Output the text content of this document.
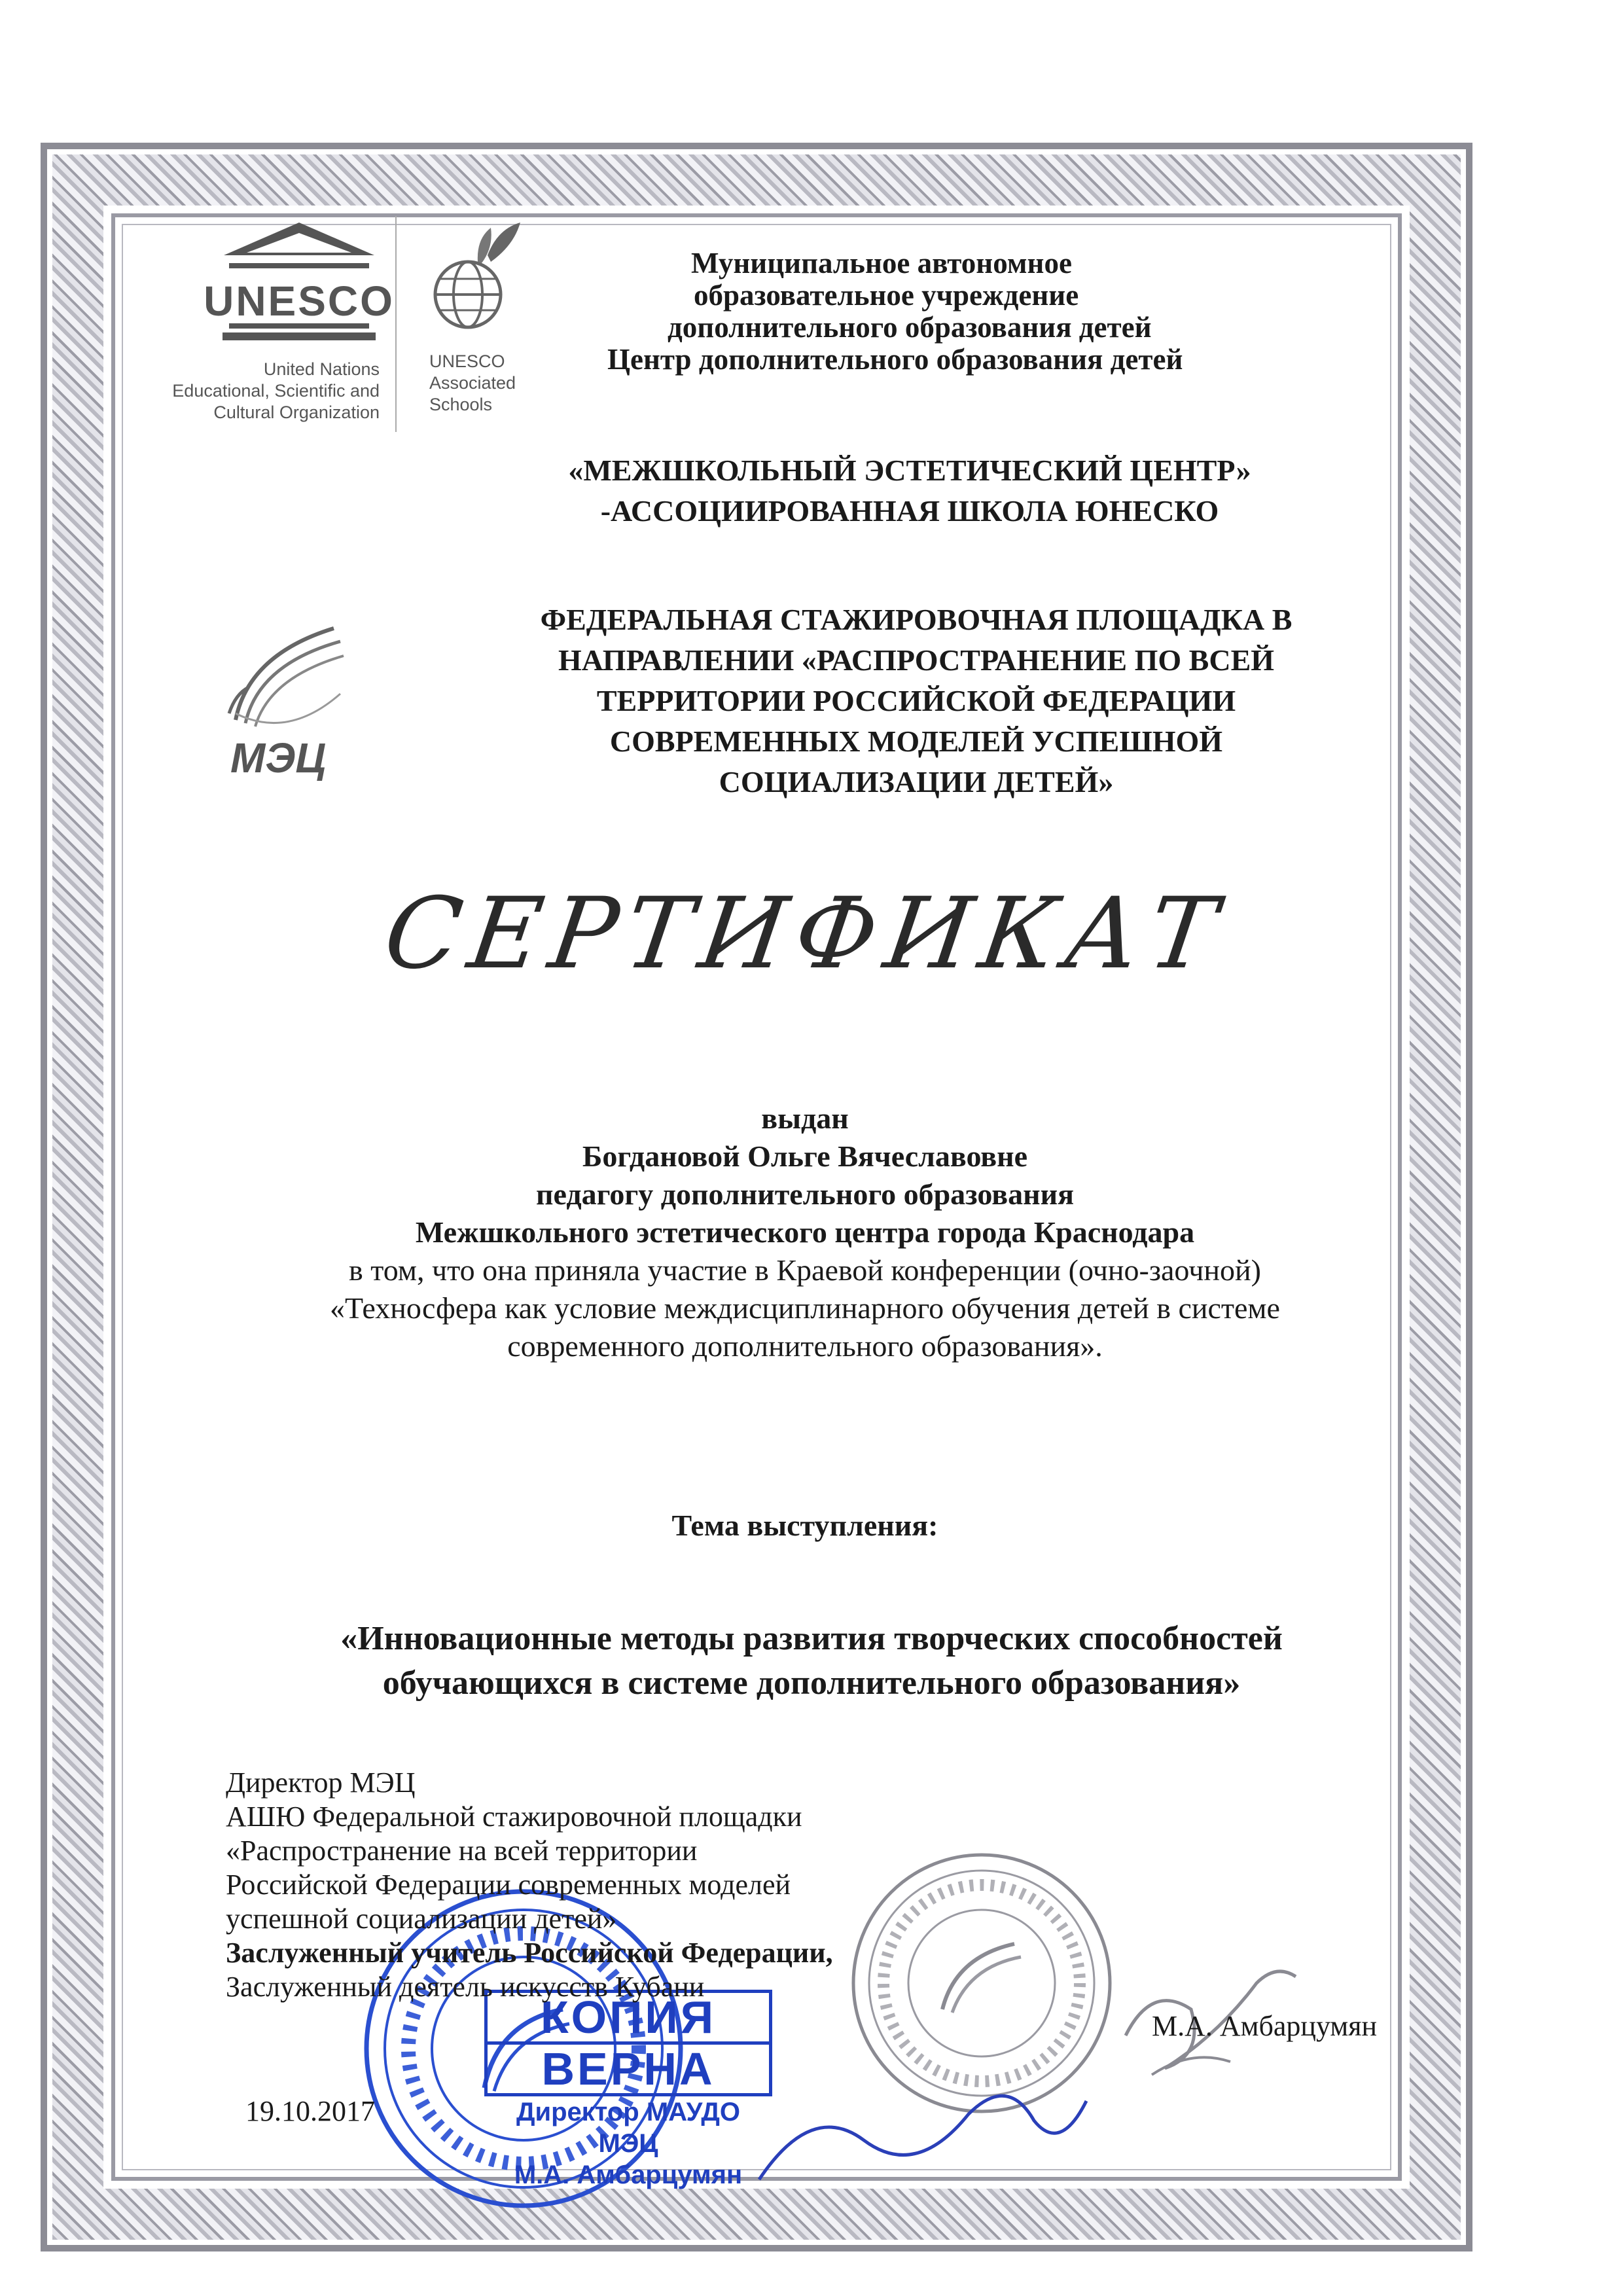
UNESCO
United Nations
Educational, Scientific and
Cultural Organization
UNESCO
Associated
Schools
МЭЦ
Муниципальное автономное
образовательное учреждение
дополнительного образования детей
Центр дополнительного образования детей
«МЕЖШКОЛЬНЫЙ ЭСТЕТИЧЕСКИЙ ЦЕНТР»
-АССОЦИИРОВАННАЯ ШКОЛА ЮНЕСКО
ФЕДЕРАЛЬНАЯ СТАЖИРОВОЧНАЯ ПЛОЩАДКА В
НАПРАВЛЕНИИ «РАСПРОСТРАНЕНИЕ ПО ВСЕЙ
ТЕРРИТОРИИ РОССИЙСКОЙ ФЕДЕРАЦИИ
СОВРЕМЕННЫХ МОДЕЛЕЙ УСПЕШНОЙ
СОЦИАЛИЗАЦИИ ДЕТЕЙ»
СЕРТИФИКАТ
выдан
Богдановой Ольге Вячеславовне
педагогу дополнительного образования
Межшкольного эстетического центра города Краснодара
в том, что она приняла участие в Краевой конференции (очно-заочной)
«Техносфера как условие междисциплинарного обучения детей в системе
современного дополнительного образования».
Тема выступления:
«Инновационные методы развития творческих способностей
обучающихся в системе дополнительного образования»
КОПИЯ
ВЕРНА
Директор МАУДО МЭЦ
М.А. Амбарцумян
Директор МЭЦ
АШЮ Федеральной стажировочной площадки
«Распространение на всей территории
Российской Федерации современных моделей
успешной социализации детей»
Заслуженный учитель Российской Федерации,
Заслуженный деятель искусств Кубани
М.А. Амбарцумян
19.10.2017
